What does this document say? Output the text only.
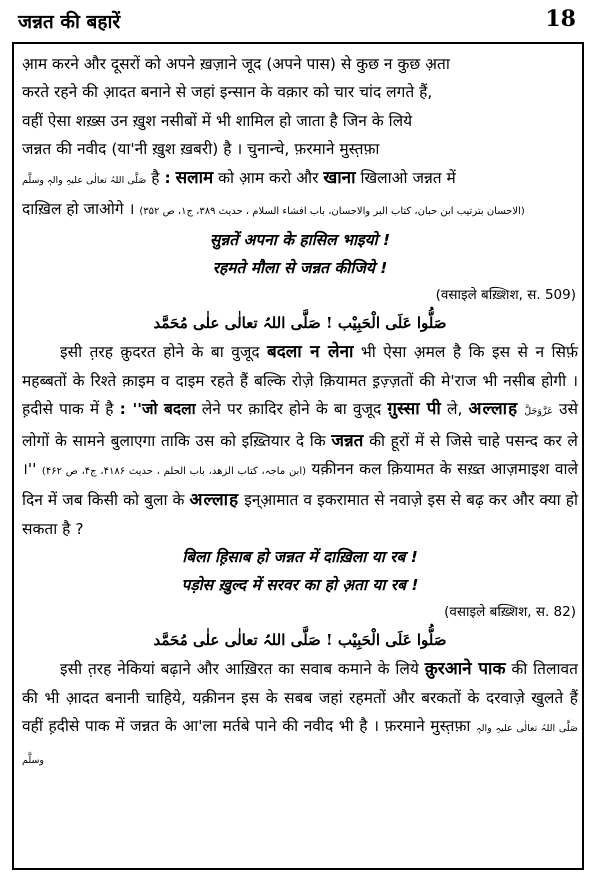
जन्नत की बहारें	18
आ़म करने और दूसरों को अपने ख़ज़ाने जूद (अपने पास) से कुछ न कुछ अ़ता
करते रहने की आ़दत बनाने से जहां इन्सान के वक़ार को चार चांद लगते हैं,
वहीं ऐसा शख़्स उन ख़ुश नसीबों में भी शामिल हो जाता है जिन के लिये
जन्नत की नवीद (या'नी ख़ुश ख़बरी) है । चुनान्चे, फ़रमाने मुस्त़फ़ा
صَلَّی اللہُ تعالٰی علیہِ والہٖ وسلَّم है : सलाम को आ़म करो और खाना खिलाओ जन्नत में
दाख़िल हो जाओगे । (الاحسان بترتیب ابن حبان، کتاب البر والاحسان، باب افشاء السلام ، حدیث ۳۸۹، ج۱، ص ۳۵۲)
सुन्नतें अपना के हासिल भाइयो !
रहमते मौला से जन्नत कीजिये !
(वसाइले बख़्शिश, स. 509)
صَلُّوا عَلَی الْحَبِیْب ! صَلَّی اللہُ تعالٰی علٰی مُحَمَّد
इसी त़रह क़ुदरत होने के बा वुजूद बदला न लेना भी ऐसा अ़मल है कि इस से न सिर्फ़ महब्बतों के रिश्ते क़ाइम व दाइम रहते हैं बल्कि रोज़े क़ियामत इ़ज़्ज़तों की मे'राज भी नसीब होगी । ह़दीसे पाक में है : ''जो बदला लेने पर क़ादिर होने के बा वुजूद ग़ुस्सा पी ले, अल्लाह عَزَّوَجَلَّ उसे लोगों के सामने बुलाएगा ताकि उस को इख़्तियार दे कि जन्नत की हूरों में से जिसे चाहे पसन्द कर ले ।'' (ابن ماجہ، کتاب الزھد، باب الحلم ، حدیث ۴۱۸۶، ج۴، ص ۴۶۲) यक़ीनन कल क़ियामत के सख़्त आज़माइश वाले दिन में जब किसी को बुला के अल्लाह इन्आ़मात व इकरामात से नवाज़े इस से बढ़ कर और क्या हो सकता है ?
बिला ह़िसाब हो जन्नत में दाख़िला या रब !
पड़ोस ख़ुल्द में सरवर का हो अ़ता या रब !
(वसाइले बख़्शिश, स. 82)
صَلُّوا عَلَی الْحَبِیْب ! صَلَّی اللہُ تعالٰی علٰی مُحَمَّد
इसी त़रह नेकियां बढ़ाने और आख़िरत का सवाब कमाने के लिये क़ुरआने पाक की तिलावत की भी आ़दत बनानी चाहिये, यक़ीनन इस के सबब जहां रहमतों और बरकतों के दरवाज़े खुलते हैं वहीं ह़दीसे पाक में जन्नत के आ'ला मर्तबे पाने की नवीद भी है । फ़रमाने मुस्त़फ़ा صَلَّی اللہُ تعالٰی علیہِ والہٖ وسلَّم
